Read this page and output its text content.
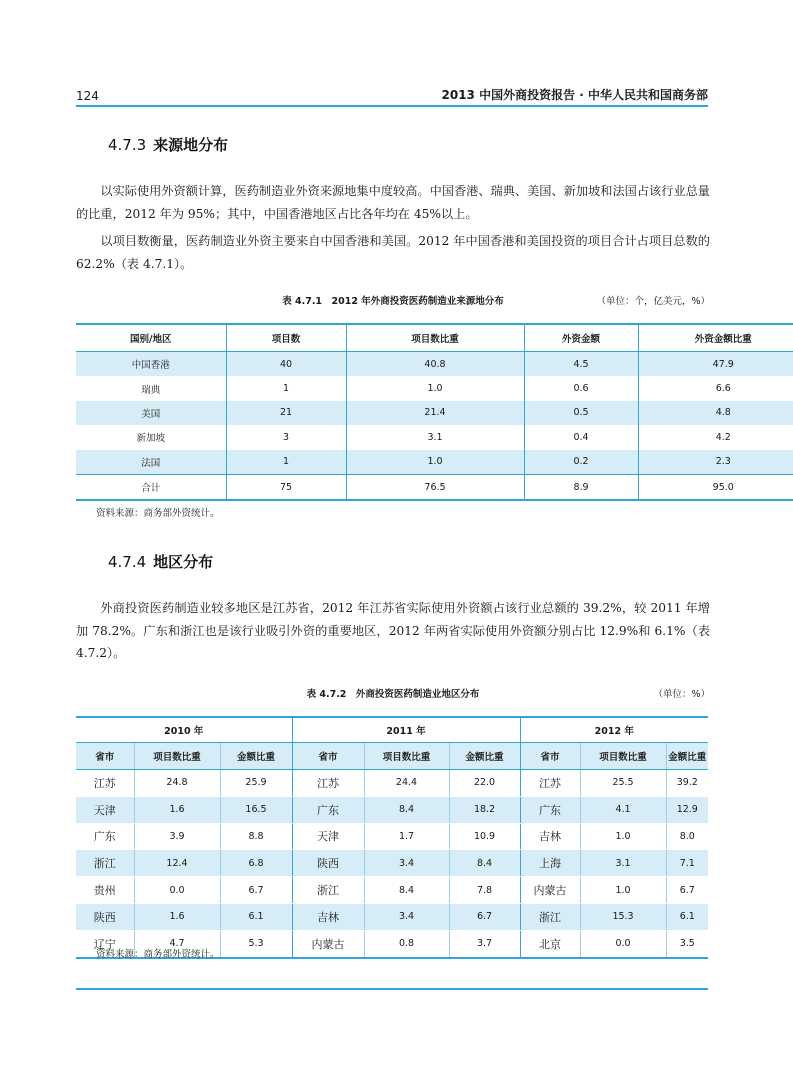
124	2013 中国外商投资报告 · 中华人民共和国商务部
4.7.3 来源地分布

以实际使用外资额计算，医药制造业外资来源地集中度较高。中国香港、瑞典、美国、新加坡和法国占该行业总量的比重，2012 年为 95%；其中，中国香港地区占比各年均在 45%以上。

以项目数衡量，医药制造业外资主要来自中国香港和美国。2012 年中国香港和美国投资的项目合计占项目总数的 62.2%（表 4.7.1）。

表 4.7.1　2012 年外商投资医药制造业来源地分布	（单位：个，亿美元，%）
国别/地区	项目数	项目数比重	外资金额	外资金额比重
中国香港	40	40.8	4.5	47.9
瑞典	1	1.0	0.6	6.6
美国	21	21.4	0.5	4.8
新加坡	3	3.1	0.4	4.2
法国	1	1.0	0.2	2.3
合计	75	76.5	8.9	95.0
资料来源：商务部外资统计。
4.7.4 地区分布

外商投资医药制造业较多地区是江苏省，2012 年江苏省实际使用外资额占该行业总额的 39.2%，较 2011 年增加 78.2%。广东和浙江也是该行业吸引外资的重要地区，2012 年两省实际使用外资额分别占比 12.9%和 6.1%（表 4.7.2）。

表 4.7.2　外商投资医药制造业地区分布	（单位：%）
2010 年			2011 年			2012 年		
省市	项目数比重	金额比重	省市	项目数比重	金额比重	省市	项目数比重	金额比重
江苏	24.8	25.9	江苏	24.4	22.0	江苏	25.5	39.2
天津	1.6	16.5	广东	8.4	18.2	广东	4.1	12.9
广东	3.9	8.8	天津	1.7	10.9	吉林	1.0	8.0
浙江	12.4	6.8	陕西	3.4	8.4	上海	3.1	7.1
贵州	0.0	6.7	浙江	8.4	7.8	内蒙古	1.0	6.7
陕西	1.6	6.1	吉林	3.4	6.7	浙江	15.3	6.1
辽宁	4.7	5.3	内蒙古	0.8	3.7	北京	0.0	3.5
资料来源：商务部外资统计。
